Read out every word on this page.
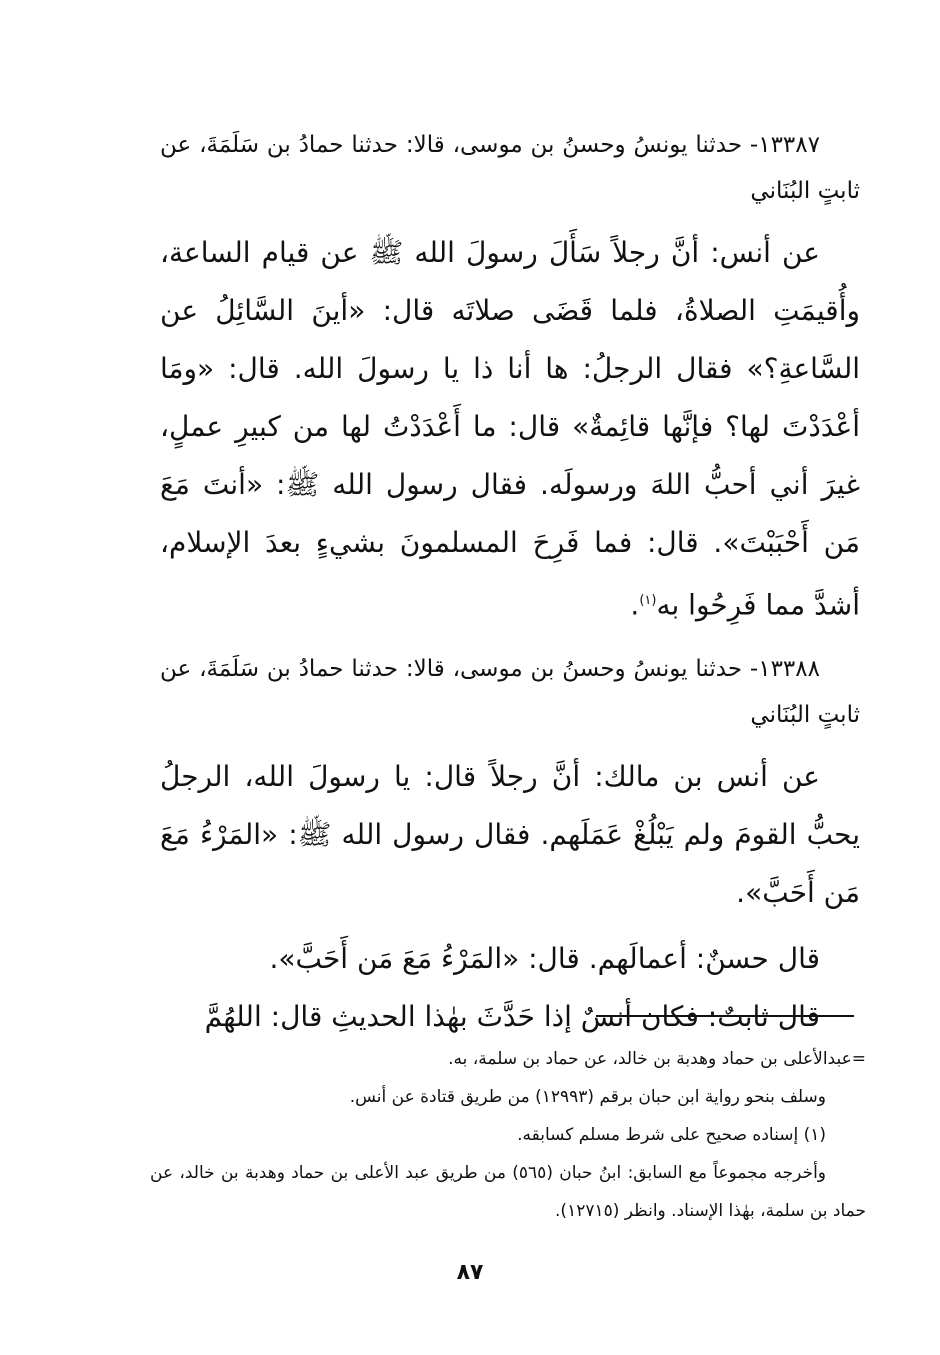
١٣٣٨٧- حدثنا يونسُ وحسنُ بن موسى، قالا: حدثنا حمادُ بن سَلَمَةَ، عن ثابتٍ البُنَاني

عن أنس: أنَّ رجلاً سَأَلَ رسولَ الله ﷺ عن قيام الساعة، وأُقيمَتِ الصلاةُ، فلما قَضَى صلاتَه قال: «أينَ السَّائِلُ عن السَّاعةِ؟» فقال الرجلُ: ها أنا ذا يا رسولَ الله. قال: «ومَا أعْدَدْتَ لها؟ فإنَّها قائِمةٌ» قال: ما أَعْدَدْتُ لها من كبيرِ عملٍ، غيرَ أني أحبُّ اللهَ ورسولَه. فقال رسول الله ﷺ: «أنتَ مَعَ مَن أَحْبَبْتَ». قال: فما فَرِحَ المسلمونَ بشيءٍ بعدَ الإسلام، أشدَّ مما فَرِحُوا به$^{(١)}$.

١٣٣٨٨- حدثنا يونسُ وحسنُ بن موسى، قالا: حدثنا حمادُ بن سَلَمَةَ، عن ثابتٍ البُنَاني

عن أنس بن مالك: أنَّ رجلاً قال: يا رسولَ الله، الرجلُ يحبُّ القومَ ولم يَبْلُغْ عَمَلَهم. فقال رسول الله ﷺ: «المَرْءُ مَعَ مَن أَحَبَّ».

قال حسنٌ: أعمالَهم. قال: «المَرْءُ مَعَ مَن أَحَبَّ».

قال ثابتٌ: فكان أنسٌ إذا حَدَّثَ بهٰذا الحديثِ قال: اللهُمَّ

=عبدالأعلى بن حماد وهدبة بن خالد، عن حماد بن سلمة، به.

وسلف بنحو رواية ابن حبان برقم (١٢٩٩٣) من طريق قتادة عن أنس.

(١) إسناده صحيح على شرط مسلم كسابقه.

وأخرجه مجموعاً مع السابق: ابنُ حبان (٥٦٥) من طريق عبد الأعلى بن حماد وهدبة بن خالد، عن حماد بن سلمة، بهٰذا الإسناد. وانظر (١٢٧١٥).

٨٧
